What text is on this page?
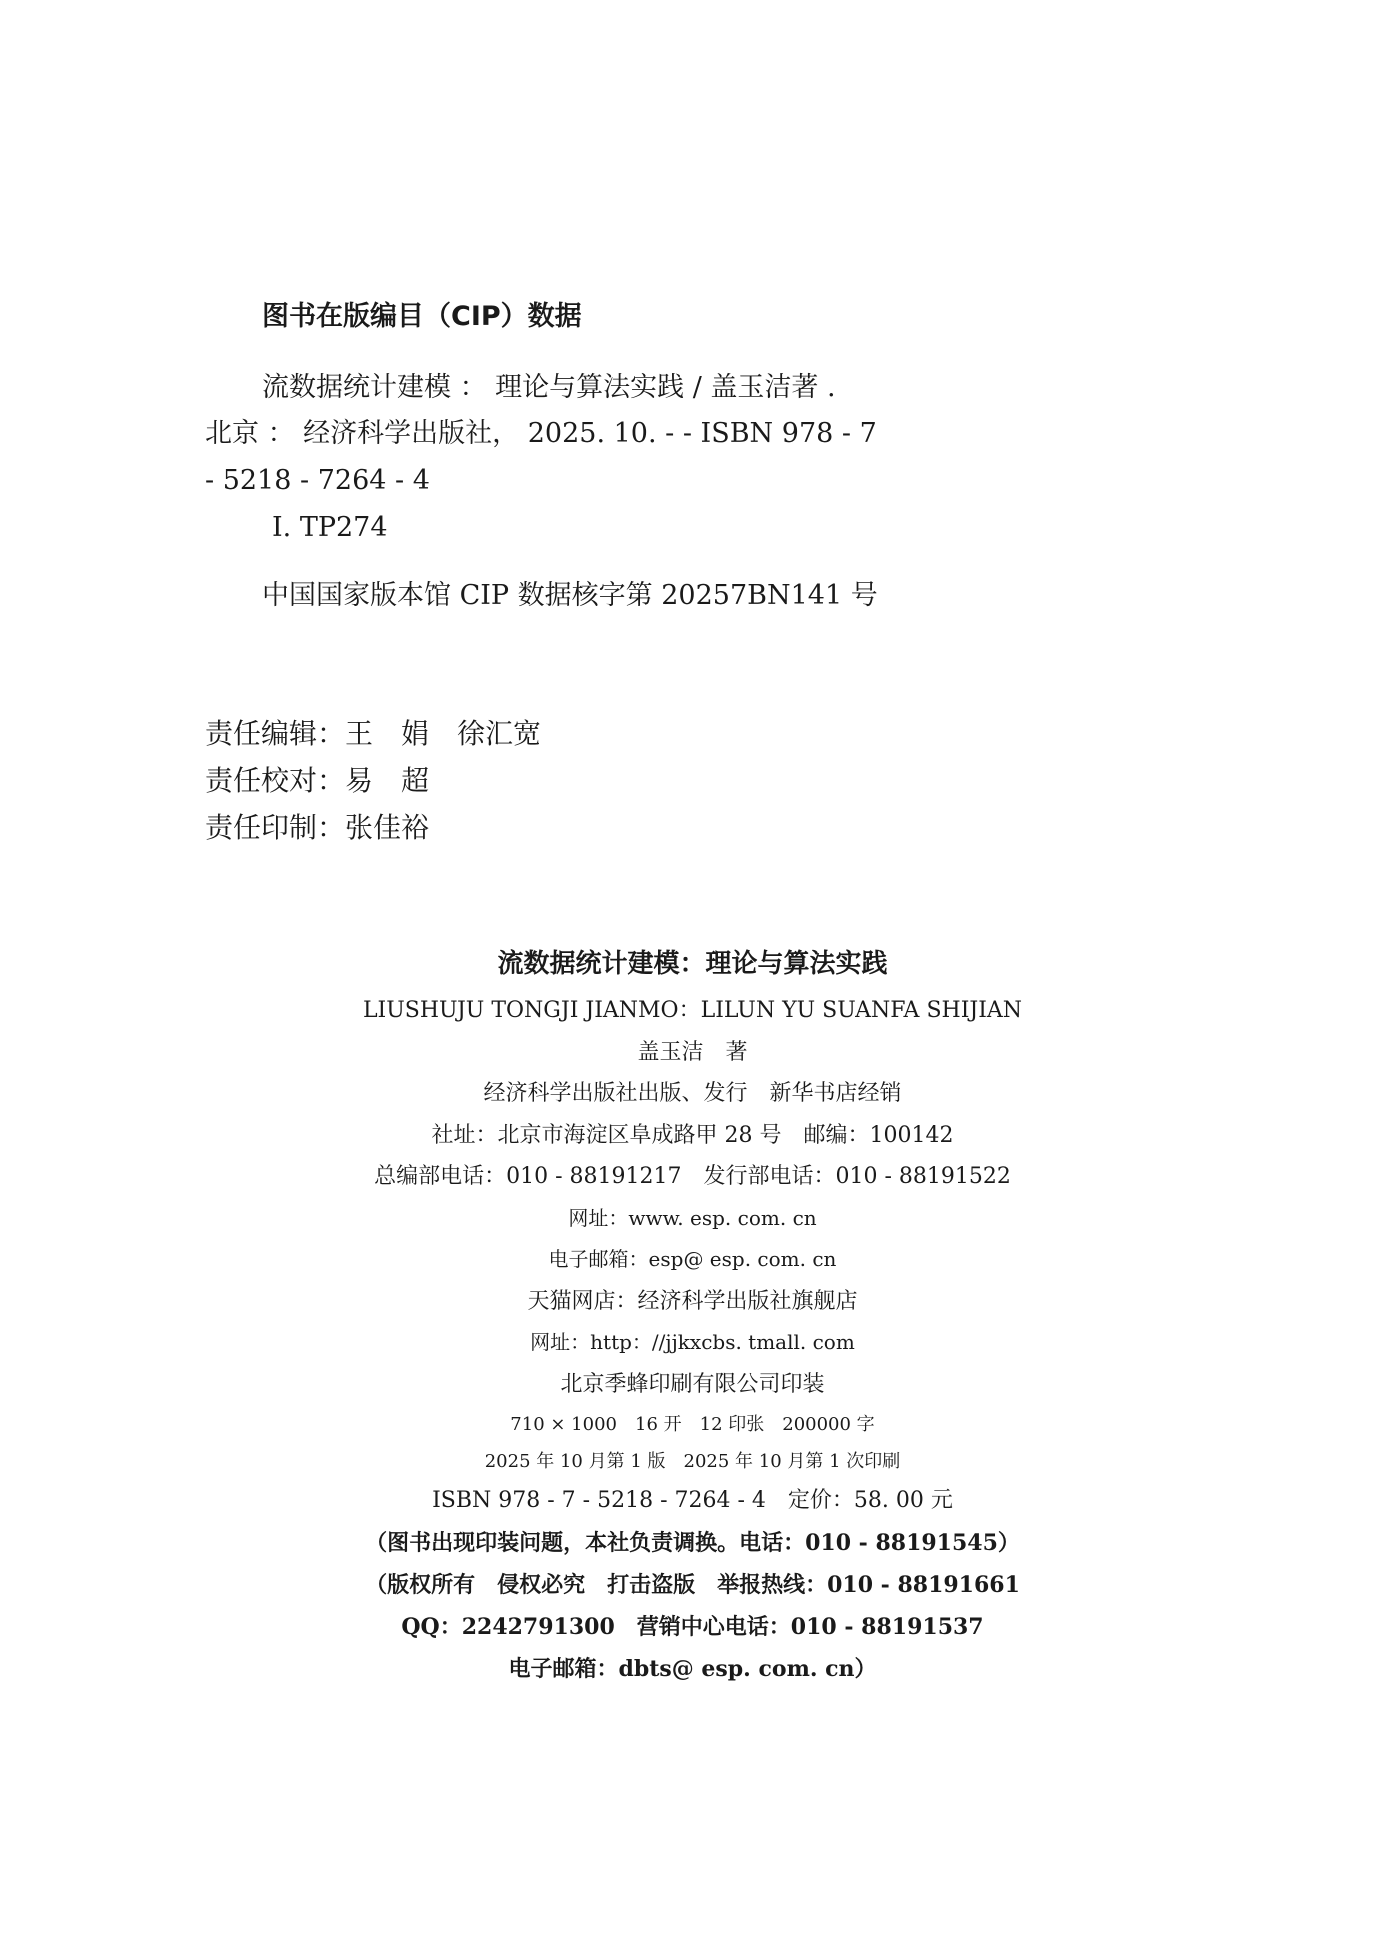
图书在版编目（CIP）数据
流数据统计建模 ： 理论与算法实践 / 盖玉洁著 .
北京 ： 经济科学出版社， 2025. 10. - - ISBN 978 - 7
- 5218 - 7264 - 4
Ⅰ. TP274
中国国家版本馆 CIP 数据核字第 20257BN141 号
责任编辑：王　娟　徐汇宽
责任校对：易　超
责任印制：张佳裕
流数据统计建模：理论与算法实践
LIUSHUJU TONGJI JIANMO：LILUN YU SUANFA SHIJIAN
盖玉洁　著
经济科学出版社出版、发行　新华书店经销
社址：北京市海淀区阜成路甲 28 号　邮编：100142
总编部电话：010 - 88191217　发行部电话：010 - 88191522
网址：www. esp. com. cn
电子邮箱：esp@ esp. com. cn
天猫网店：经济科学出版社旗舰店
网址：http：//jjkxcbs. tmall. com
北京季蜂印刷有限公司印装
710 × 1000　16 开　12 印张　200000 字
2025 年 10 月第 1 版　2025 年 10 月第 1 次印刷
ISBN 978 - 7 - 5218 - 7264 - 4　定价：58. 00 元
（图书出现印装问题，本社负责调换。电话：010 - 88191545）
（版权所有　侵权必究　打击盗版　举报热线：010 - 88191661
QQ：2242791300　营销中心电话：010 - 88191537
电子邮箱：dbts@ esp. com. cn）
